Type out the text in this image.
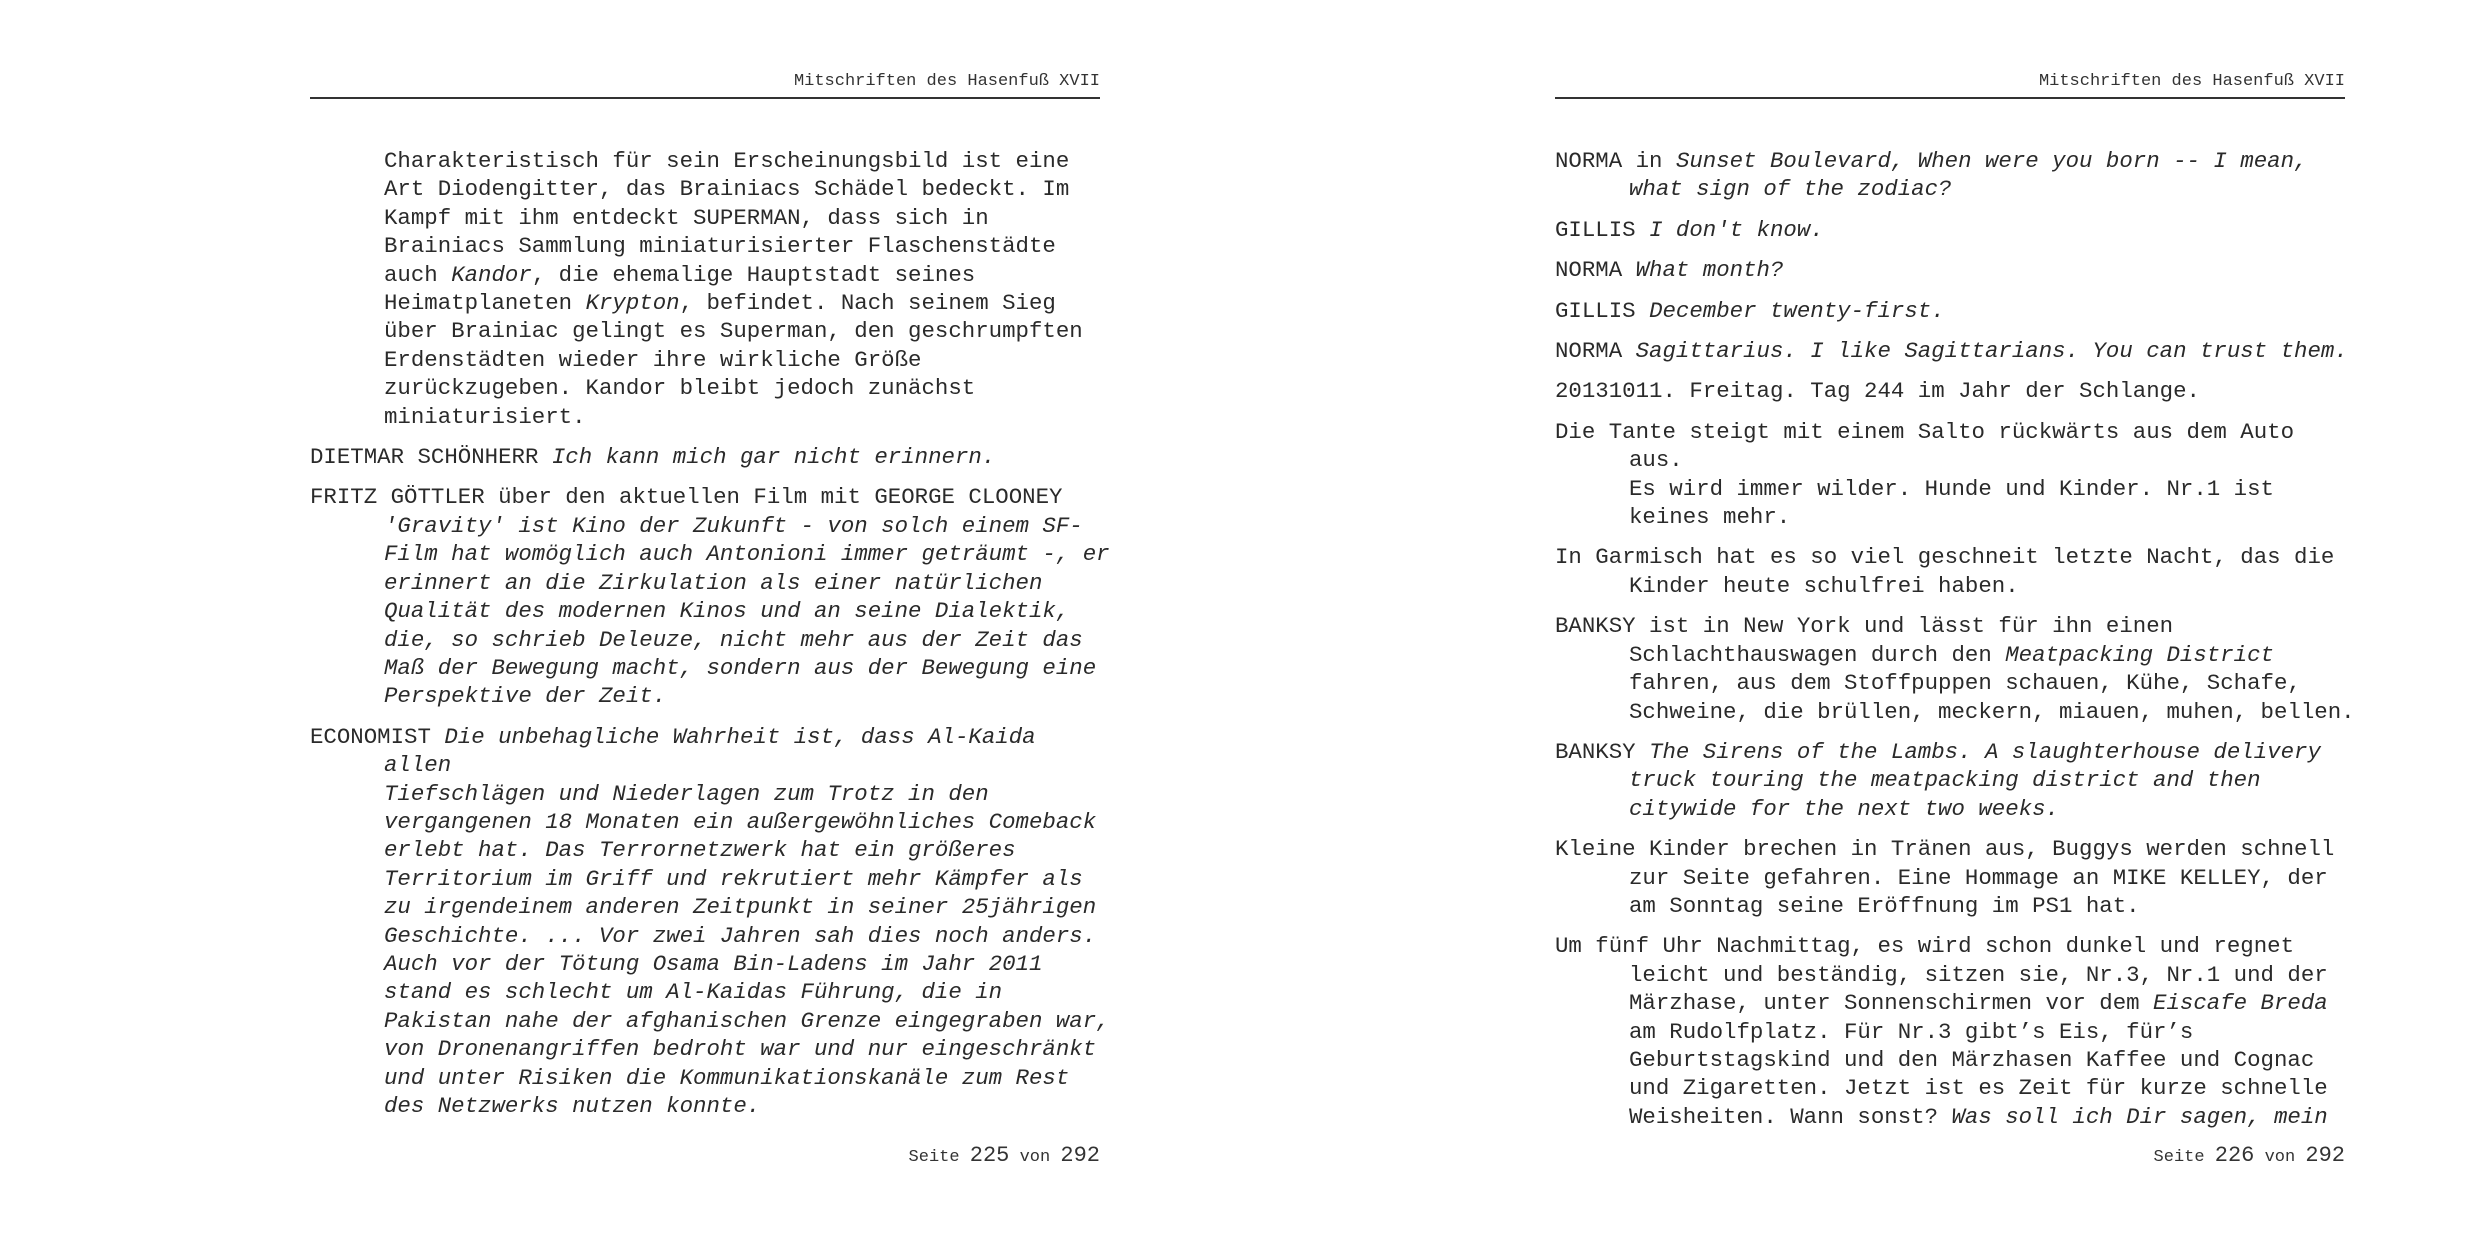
Mitschriften des Hasenfuß XVII

Charakteristisch für sein Erscheinungsbild ist eine
Art Diodengitter, das Brainiacs Schädel bedeckt. Im
Kampf mit ihm entdeckt SUPERMAN, dass sich in
Brainiacs Sammlung miniaturisierter Flaschenstädte
auch Kandor, die ehemalige Hauptstadt seines
Heimatplaneten Krypton, befindet. Nach seinem Sieg
über Brainiac gelingt es Superman, den geschrumpften
Erdenstädten wieder ihre wirkliche Größe
zurückzugeben. Kandor bleibt jedoch zunächst
miniaturisiert.

DIETMAR SCHÖNHERR Ich kann mich gar nicht erinnern.

FRITZ GÖTTLER über den aktuellen Film mit GEORGE CLOONEY
'Gravity' ist Kino der Zukunft - von solch einem SF-
Film hat womöglich auch Antonioni immer geträumt -, er
erinnert an die Zirkulation als einer natürlichen
Qualität des modernen Kinos und an seine Dialektik,
die, so schrieb Deleuze, nicht mehr aus der Zeit das
Maß der Bewegung macht, sondern aus der Bewegung eine
Perspektive der Zeit.

ECONOMIST Die unbehagliche Wahrheit ist, dass Al-Kaida allen
Tiefschlägen und Niederlagen zum Trotz in den
vergangenen 18 Monaten ein außergewöhnliches Comeback
erlebt hat. Das Terrornetzwerk hat ein größeres
Territorium im Griff und rekrutiert mehr Kämpfer als
zu irgendeinem anderen Zeitpunkt in seiner 25jährigen
Geschichte. ... Vor zwei Jahren sah dies noch anders.
Auch vor der Tötung Osama Bin-Ladens im Jahr 2011
stand es schlecht um Al-Kaidas Führung, die in
Pakistan nahe der afghanischen Grenze eingegraben war,
von Dronenangriffen bedroht war und nur eingeschränkt
und unter Risiken die Kommunikationskanäle zum Rest
des Netzwerks nutzen konnte.

Seite 225 von 292
Mitschriften des Hasenfuß XVII

NORMA in Sunset Boulevard, When were you born -- I mean,
what sign of the zodiac?

GILLIS I don't know.

NORMA What month?

GILLIS December twenty-first.

NORMA Sagittarius. I like Sagittarians. You can trust them.

20131011. Freitag. Tag 244 im Jahr der Schlange.

Die Tante steigt mit einem Salto rückwärts aus dem Auto aus.
Es wird immer wilder. Hunde und Kinder. Nr.1 ist
keines mehr.

In Garmisch hat es so viel geschneit letzte Nacht, das die
Kinder heute schulfrei haben.

BANKSY ist in New York und lässt für ihn einen
Schlachthauswagen durch den Meatpacking District
fahren, aus dem Stoffpuppen schauen, Kühe, Schafe,
Schweine, die brüllen, meckern, miauen, muhen, bellen.

BANKSY The Sirens of the Lambs. A slaughterhouse delivery
truck touring the meatpacking district and then
citywide for the next two weeks.

Kleine Kinder brechen in Tränen aus, Buggys werden schnell
zur Seite gefahren. Eine Hommage an MIKE KELLEY, der
am Sonntag seine Eröffnung im PS1 hat.

Um fünf Uhr Nachmittag, es wird schon dunkel und regnet
leicht und beständig, sitzen sie, Nr.3, Nr.1 und der
Märzhase, unter Sonnenschirmen vor dem Eiscafe Breda
am Rudolfplatz. Für Nr.3 gibt’s Eis, für’s
Geburtstagskind und den Märzhasen Kaffee und Cognac
und Zigaretten. Jetzt ist es Zeit für kurze schnelle
Weisheiten. Wann sonst? Was soll ich Dir sagen, mein

Seite 226 von 292
